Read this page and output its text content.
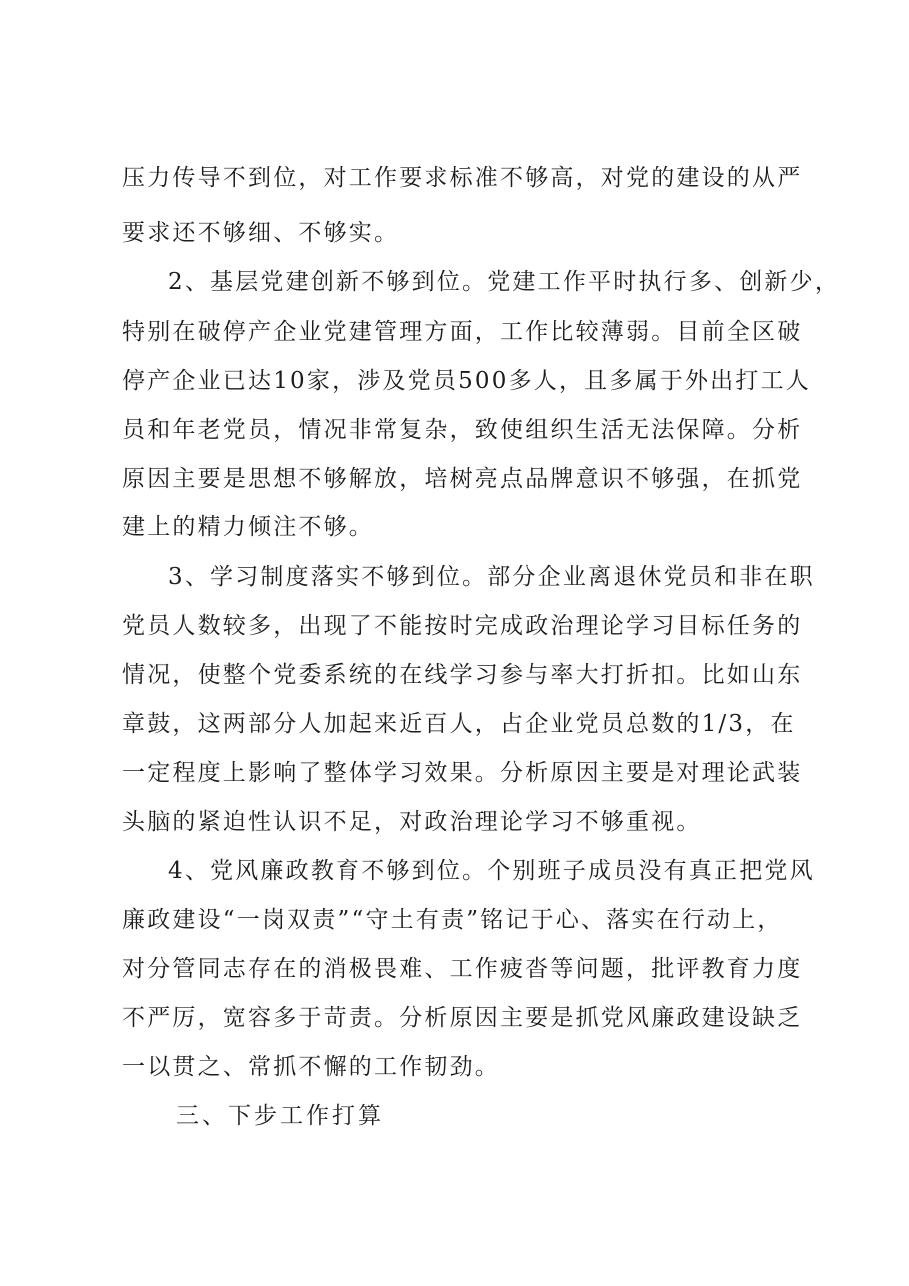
压力传导不到位，对工作要求标准不够高，对党的建设的从严

要求还不够细、不够实。

2、基层党建创新不够到位。党建工作平时执行多、创新少，

特别在破停产企业党建管理方面，工作比较薄弱。目前全区破

停产企业已达10家，涉及党员500多人，且多属于外出打工人

员和年老党员，情况非常复杂，致使组织生活无法保障。分析

原因主要是思想不够解放，培树亮点品牌意识不够强，在抓党

建上的精力倾注不够。

3、学习制度落实不够到位。部分企业离退休党员和非在职

党员人数较多，出现了不能按时完成政治理论学习目标任务的

情况，使整个党委系统的在线学习参与率大打折扣。比如山东

章鼓，这两部分人加起来近百人，占企业党员总数的1/3，在

一定程度上影响了整体学习效果。分析原因主要是对理论武装

头脑的紧迫性认识不足，对政治理论学习不够重视。

4、党风廉政教育不够到位。个别班子成员没有真正把党风

廉政建设“一岗双责”“守土有责”铭记于心、落实在行动上，

对分管同志存在的消极畏难、工作疲沓等问题，批评教育力度

不严厉，宽容多于苛责。分析原因主要是抓党风廉政建设缺乏

一以贯之、常抓不懈的工作韧劲。

三、下步工作打算
